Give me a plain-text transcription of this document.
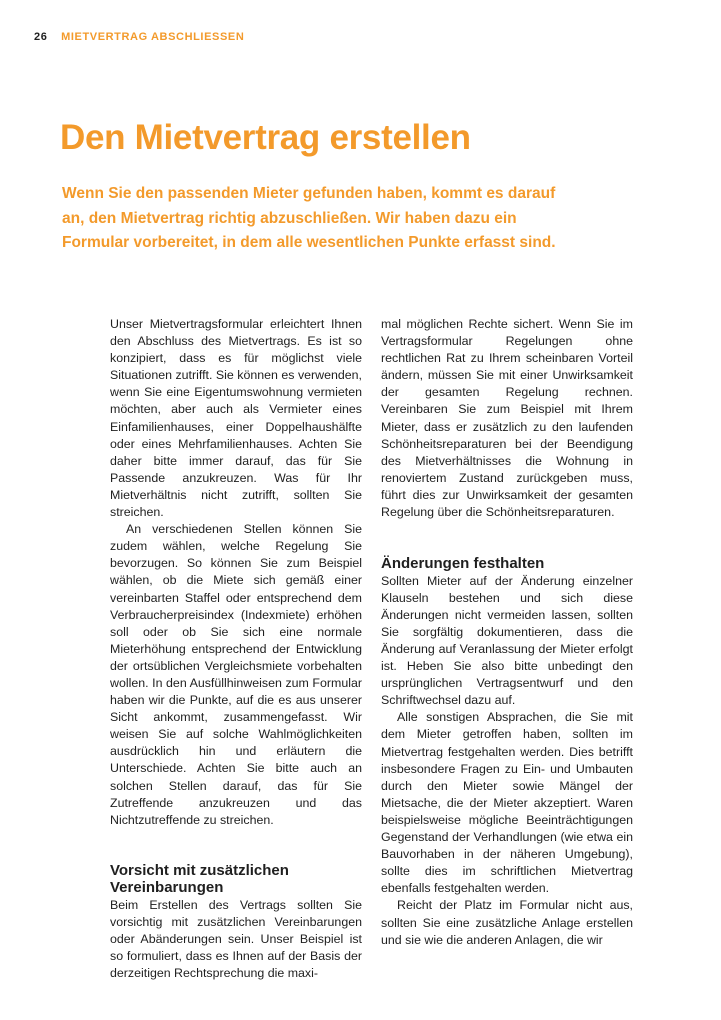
26 MIETVERTRAG ABSCHLIESSEN
Den Mietvertrag erstellen

Wenn Sie den passenden Mieter gefunden haben, kommt es darauf an, den Mietvertrag richtig abzuschließen. Wir haben dazu ein Formular vorbereitet, in dem alle wesentlichen Punkte erfasst sind.

Unser Mietvertragsformular erleichtert Ihnen den Abschluss des Mietvertrags. Es ist so konzipiert, dass es für möglichst viele Situationen zutrifft. Sie können es verwenden, wenn Sie eine Eigentumswohnung vermieten möchten, aber auch als Vermieter eines Einfamilienhauses, einer Doppelhaushälfte oder eines Mehrfamilienhauses. Achten Sie daher bitte immer darauf, das für Sie Passende anzukreuzen. Was für Ihr Mietverhältnis nicht zutrifft, sollten Sie streichen.

An verschiedenen Stellen können Sie zudem wählen, welche Regelung Sie bevorzugen. So können Sie zum Beispiel wählen, ob die Miete sich gemäß einer vereinbarten Staffel oder entsprechend dem Verbraucherpreisindex (Indexmiete) erhöhen soll oder ob Sie sich eine normale Mieterhöhung entsprechend der Entwicklung der ortsüblichen Vergleichsmiete vorbehalten wollen. In den Ausfüllhinweisen zum Formular haben wir die Punkte, auf die es aus unserer Sicht ankommt, zusammengefasst. Wir weisen Sie auf solche Wahlmöglichkeiten ausdrücklich hin und erläutern die Unterschiede. Achten Sie bitte auch an solchen Stellen darauf, das für Sie Zutreffende anzukreuzen und das Nichtzutreffende zu streichen.

Vorsicht mit zusätzlichen Vereinbarungen

Beim Erstellen des Vertrags sollten Sie vorsichtig mit zusätzlichen Vereinbarungen oder Abänderungen sein. Unser Beispiel ist so formuliert, dass es Ihnen auf der Basis der derzeitigen Rechtsprechung die maxi-

mal möglichen Rechte sichert. Wenn Sie im Vertragsformular Regelungen ohne rechtlichen Rat zu Ihrem scheinbaren Vorteil ändern, müssen Sie mit einer Unwirksamkeit der gesamten Regelung rechnen. Vereinbaren Sie zum Beispiel mit Ihrem Mieter, dass er zusätzlich zu den laufenden Schönheitsreparaturen bei der Beendigung des Mietverhältnisses die Wohnung in renoviertem Zustand zurückgeben muss, führt dies zur Unwirksamkeit der gesamten Regelung über die Schönheitsreparaturen.

Änderungen festhalten

Sollten Mieter auf der Änderung einzelner Klauseln bestehen und sich diese Änderungen nicht vermeiden lassen, sollten Sie sorgfältig dokumentieren, dass die Änderung auf Veranlassung der Mieter erfolgt ist. Heben Sie also bitte unbedingt den ursprünglichen Vertragsentwurf und den Schriftwechsel dazu auf.

Alle sonstigen Absprachen, die Sie mit dem Mieter getroffen haben, sollten im Mietvertrag festgehalten werden. Dies betrifft insbesondere Fragen zu Ein- und Umbauten durch den Mieter sowie Mängel der Mietsache, die der Mieter akzeptiert. Waren beispielsweise mögliche Beeinträchtigungen Gegenstand der Verhandlungen (wie etwa ein Bauvorhaben in der näheren Umgebung), sollte dies im schriftlichen Mietvertrag ebenfalls festgehalten werden.

Reicht der Platz im Formular nicht aus, sollten Sie eine zusätzliche Anlage erstellen und sie wie die anderen Anlagen, die wir
